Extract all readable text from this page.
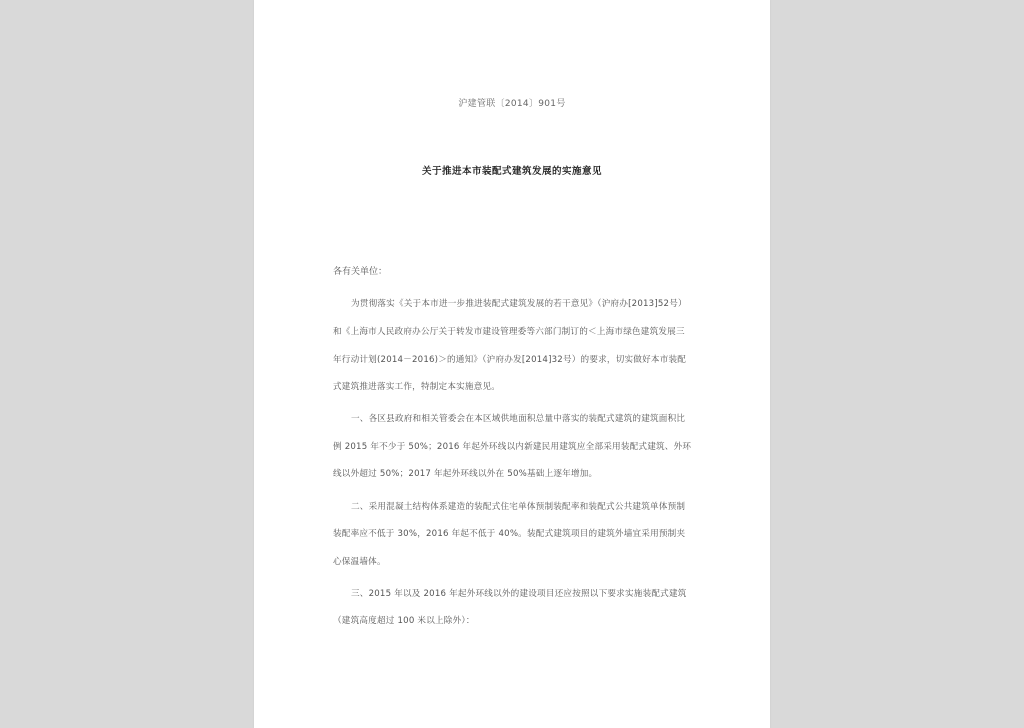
沪建管联〔2014〕901号
关于推进本市装配式建筑发展的实施意见
各有关单位：
为贯彻落实《关于本市进一步推进装配式建筑发展的若干意见》（沪府办[2013]52号）
和《上海市人民政府办公厅关于转发市建设管理委等六部门制订的＜上海市绿色建筑发展三
年行动计划(2014－2016)＞的通知》（沪府办发[2014]32号）的要求，切实做好本市装配
式建筑推进落实工作，特制定本实施意见。
一、各区县政府和相关管委会在本区域供地面积总量中落实的装配式建筑的建筑面积比
例 2015 年不少于 50%；2016 年起外环线以内新建民用建筑应全部采用装配式建筑、外环
线以外超过 50%；2017 年起外环线以外在 50%基础上逐年增加。
二、采用混凝土结构体系建造的装配式住宅单体预制装配率和装配式公共建筑单体预制
装配率应不低于 30%，2016 年起不低于 40%。装配式建筑项目的建筑外墙宜采用预制夹
心保温墙体。
三、2015 年以及 2016 年起外环线以外的建设项目还应按照以下要求实施装配式建筑
（建筑高度超过 100 米以上除外）：
